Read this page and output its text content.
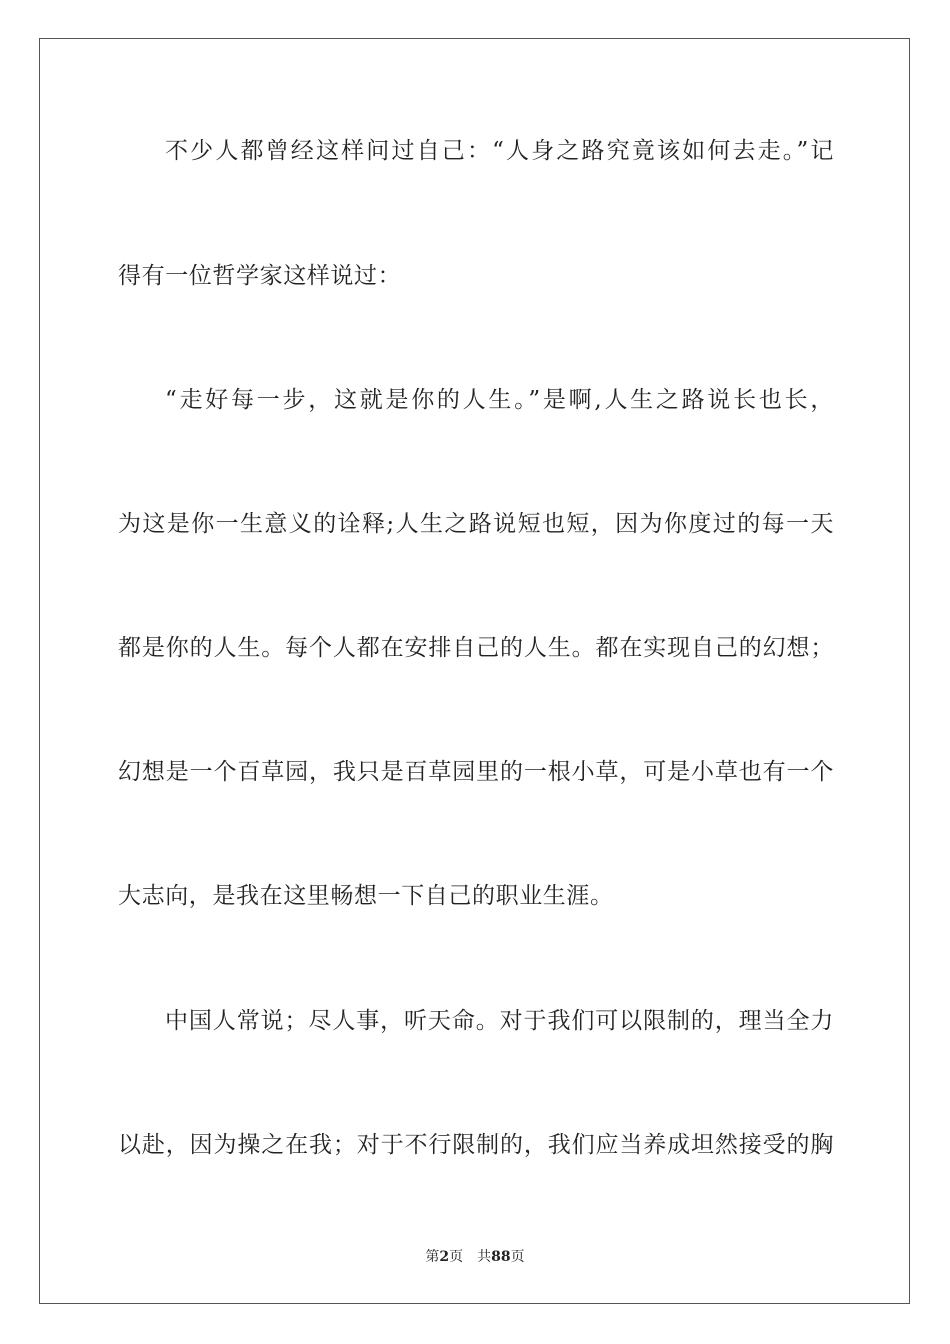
不少人都曾经这样问过自己：“人身之路究竟该如何去走。”记
得有一位哲学家这样说过：
“走好每一步，这就是你的人生。”是啊,人生之路说长也长，
为这是你一生意义的诠释;人生之路说短也短，因为你度过的每一天
都是你的人生。每个人都在安排自己的人生。都在实现自己的幻想；
幻想是一个百草园，我只是百草园里的一根小草，可是小草也有一个
大志向，是我在这里畅想一下自己的职业生涯。
中国人常说；尽人事，听天命。对于我们可以限制的，理当全力
以赴，因为操之在我；对于不行限制的，我们应当养成坦然接受的胸
第2页 共88页
